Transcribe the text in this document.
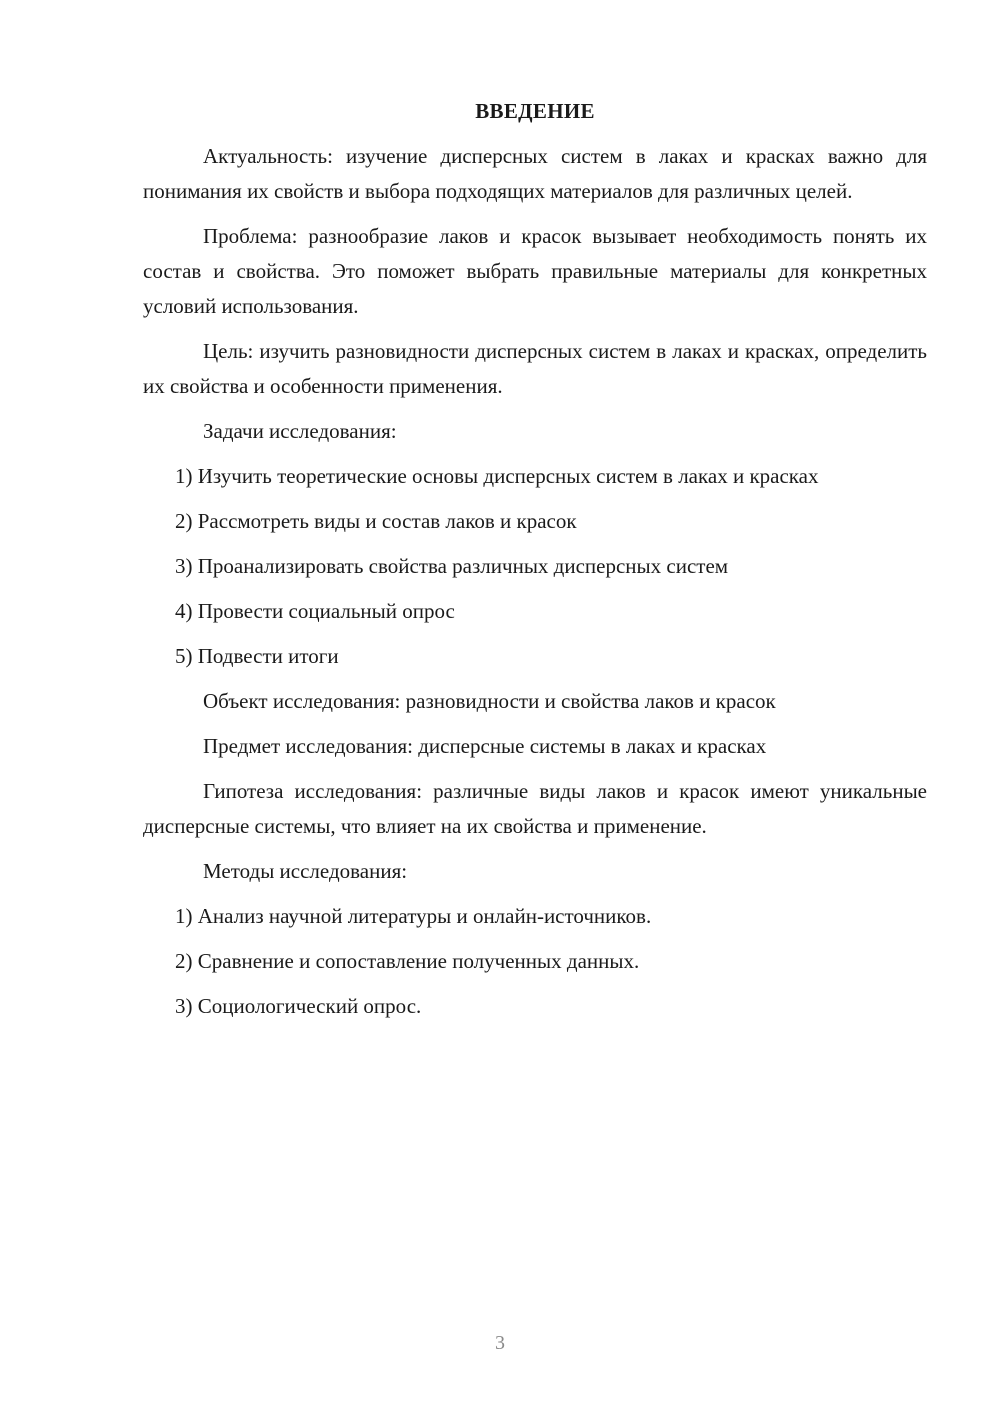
ВВЕДЕНИЕ

Актуальность: изучение дисперсных систем в лаках и красках важно для понимания их свойств и выбора подходящих материалов для различных целей.

Проблема: разнообразие лаков и красок вызывает необходимость понять их состав и свойства. Это поможет выбрать правильные материалы для конкретных условий использования.

Цель: изучить разновидности дисперсных систем в лаках и красках, определить их свойства и особенности применения.

Задачи исследования:

1) Изучить теоретические основы дисперсных систем в лаках и красках

2) Рассмотреть виды и состав лаков и красок

3) Проанализировать свойства различных дисперсных систем

4) Провести социальный опрос

5) Подвести итоги

Объект исследования: разновидности и свойства лаков и красок

Предмет исследования: дисперсные системы в лаках и красках

Гипотеза исследования: различные виды лаков и красок имеют уникальные дисперсные системы, что влияет на их свойства и применение.

Методы исследования:

1) Анализ научной литературы и онлайн-источников.

2) Сравнение и сопоставление полученных данных.

3) Социологический опрос.

3
